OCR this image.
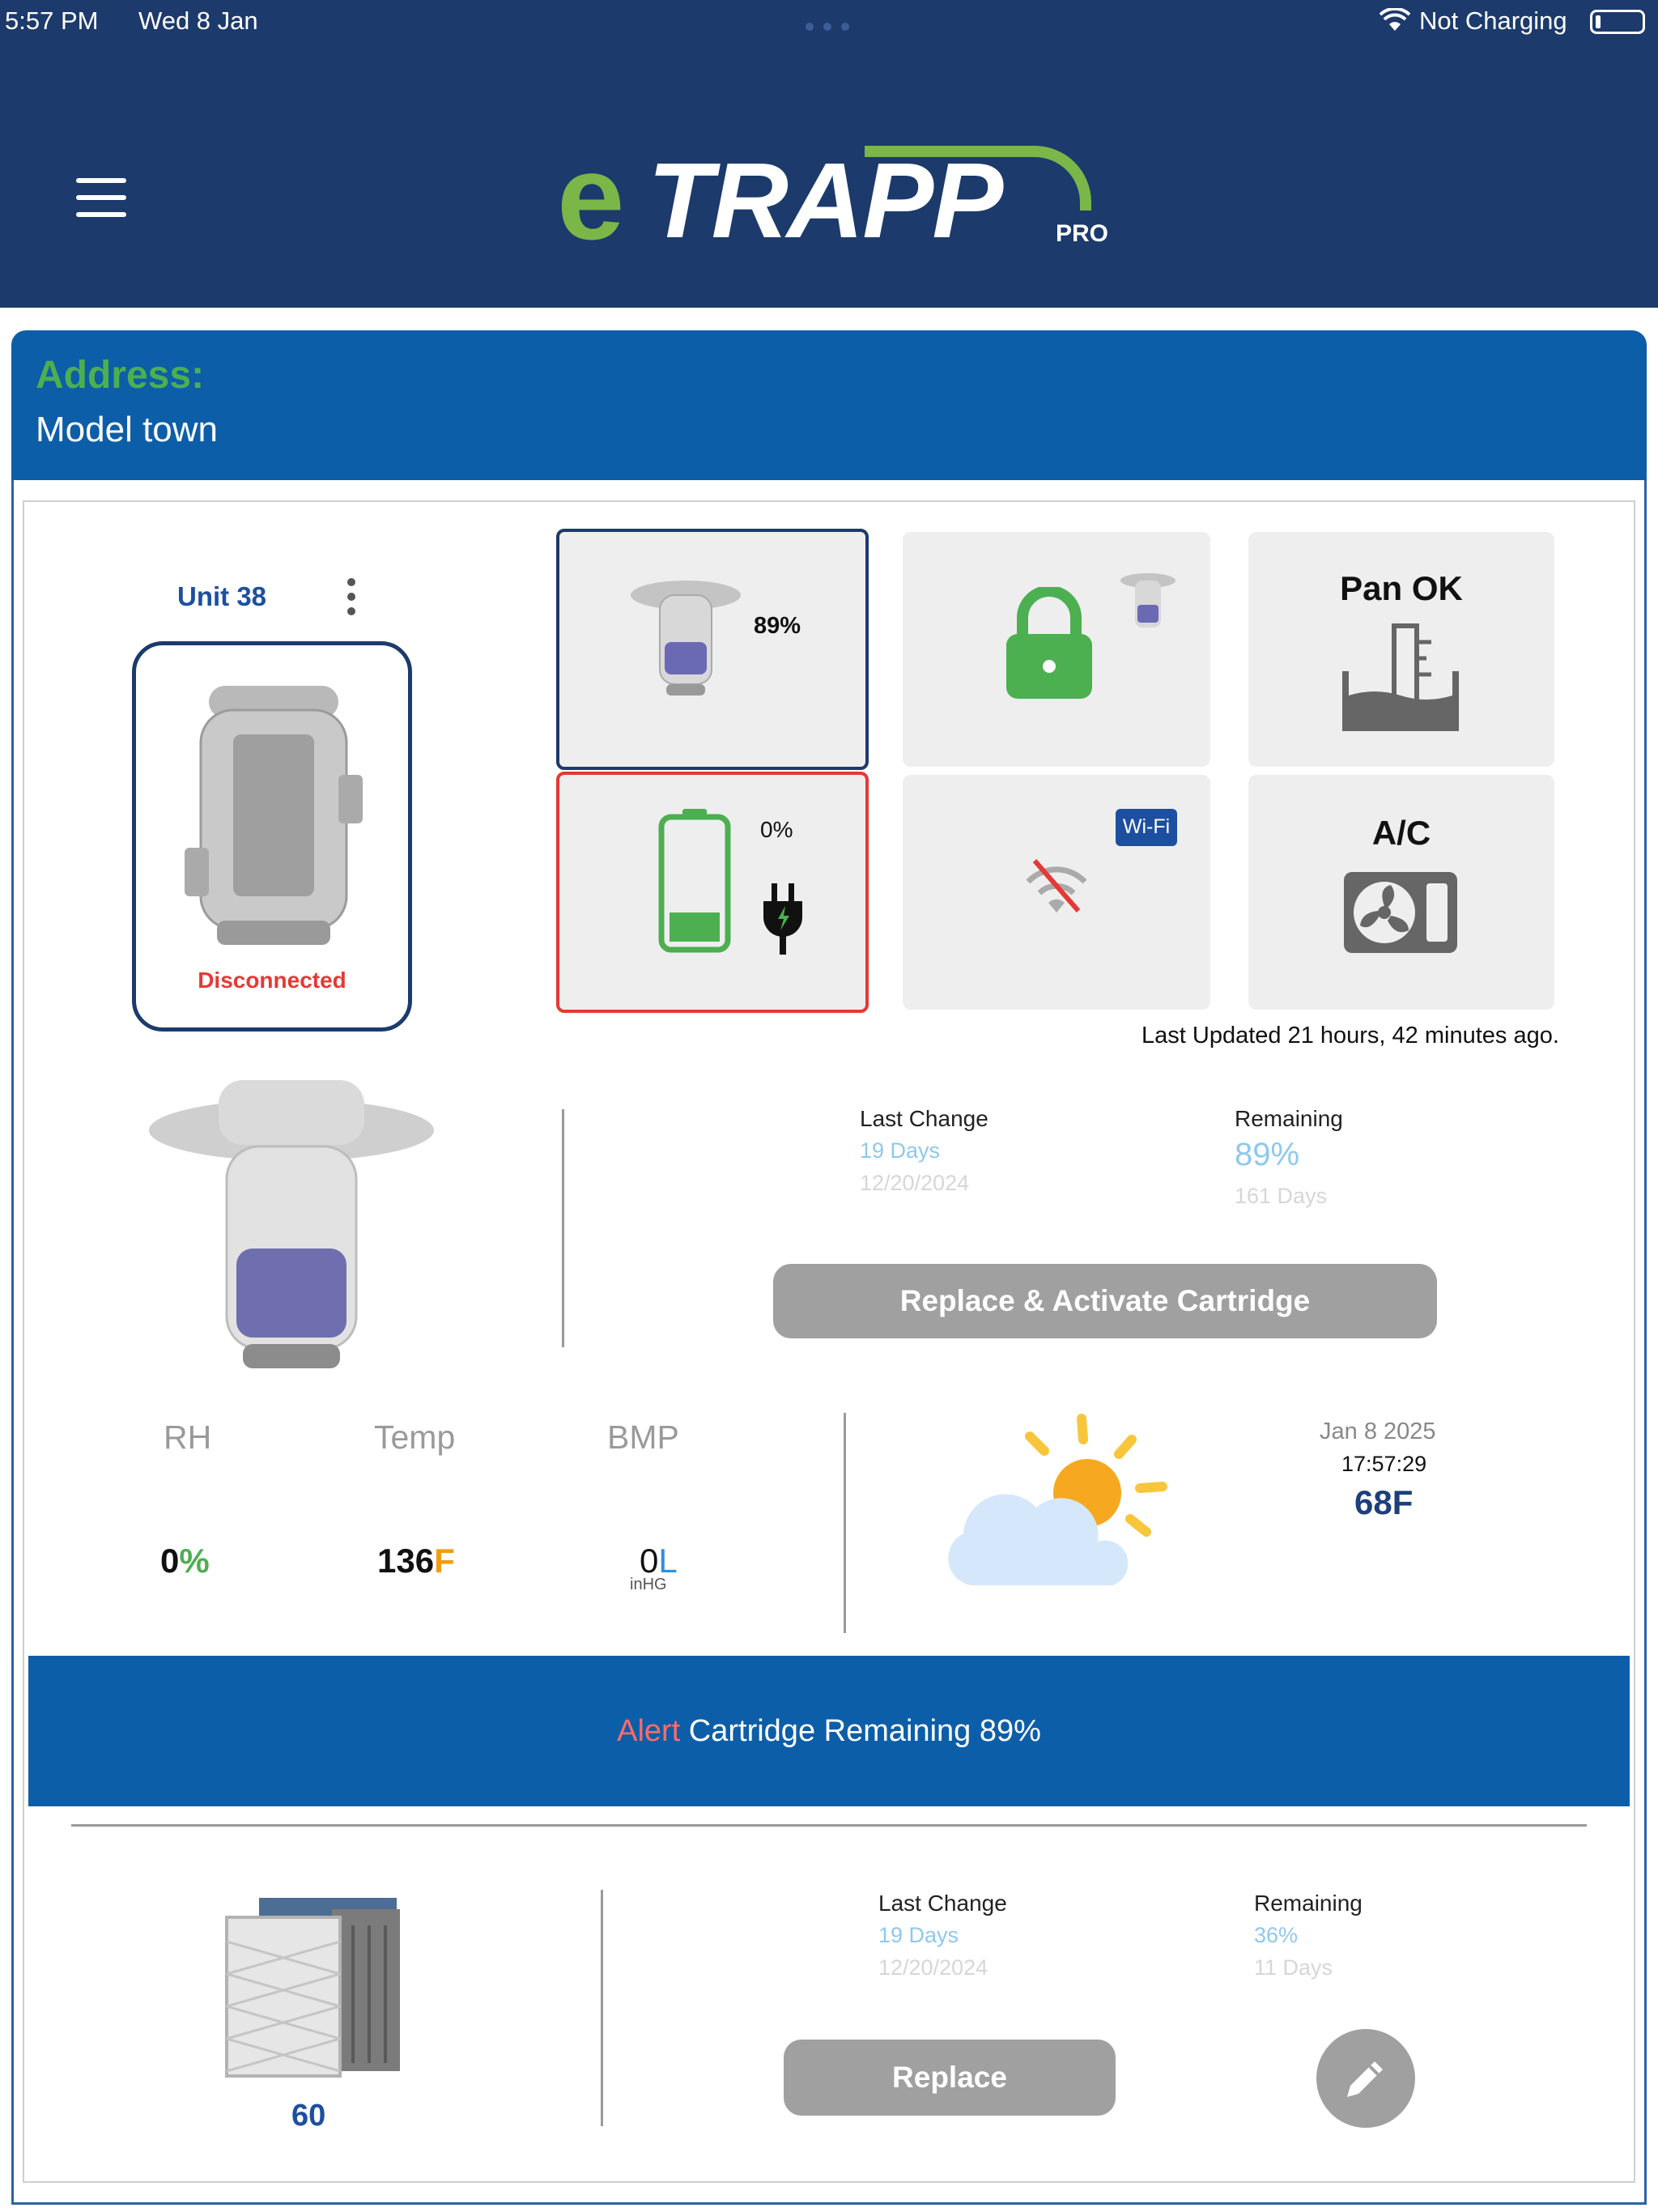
5:57 PM Wed 8 Jan	Not Charging
e TRAPP PRO
Address:
Model town
Unit 38
Disconnected
89%
Pan OK
0%	Wi-Fi	A/C
Last Updated 21 hours, 42 minutes ago.
Last Change
19 Days
12/20/2024
Remaining
89%
161 Days
Replace & Activate Cartridge
RH	Temp	BMP
0%	136F	0L
inHG
Jan 8 2025
17:57:29
68F
Alert Cartridge Remaining 89%
60
Last Change
19 Days
12/20/2024
Remaining
36%
11 Days
Replace
